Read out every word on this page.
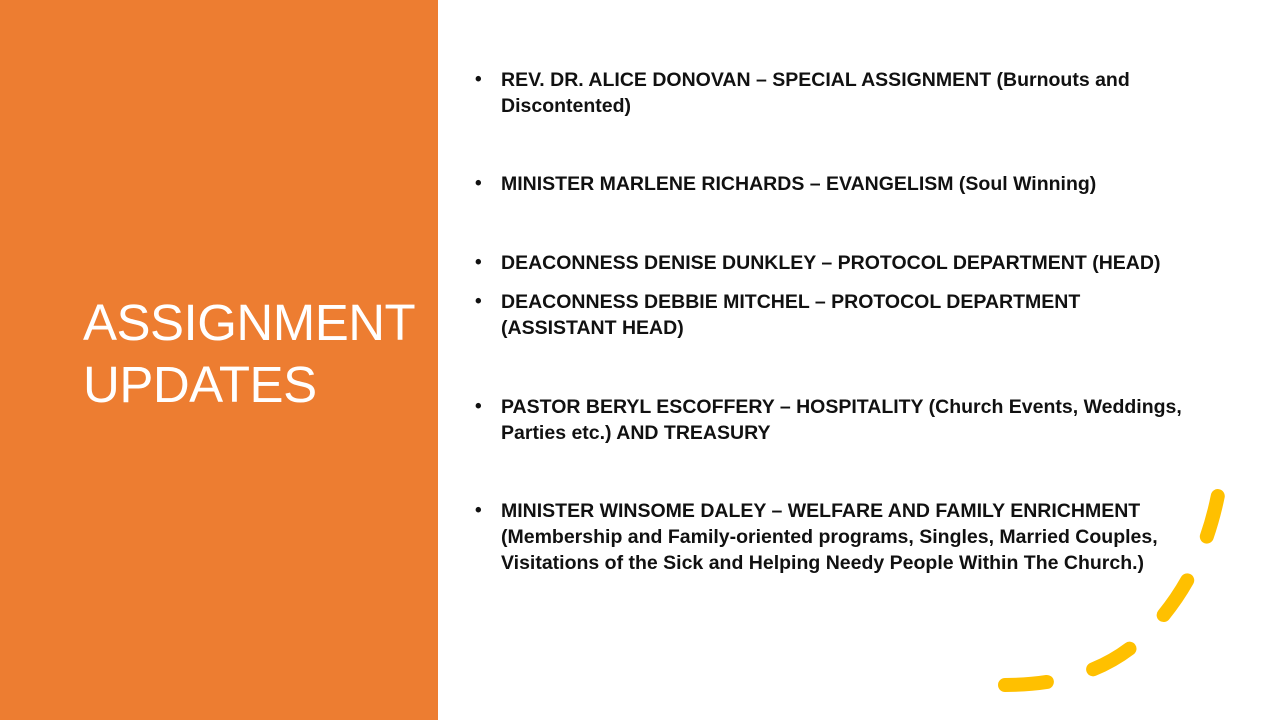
ASSIGNMENT
UPDATES
• REV. DR. ALICE DONOVAN – SPECIAL ASSIGNMENT (Burnouts and Discontented)
• MINISTER MARLENE RICHARDS – EVANGELISM (Soul Winning)
• DEACONNESS DENISE DUNKLEY – PROTOCOL DEPARTMENT (HEAD)
• DEACONNESS DEBBIE MITCHEL – PROTOCOL DEPARTMENT (ASSISTANT HEAD)
• PASTOR BERYL ESCOFFERY – HOSPITALITY (Church Events, Weddings, Parties etc.) AND TREASURY
• MINISTER WINSOME DALEY – WELFARE AND FAMILY ENRICHMENT (Membership and Family-oriented programs, Singles, Married Couples, Visitations of the Sick and Helping Needy People Within The Church.)
